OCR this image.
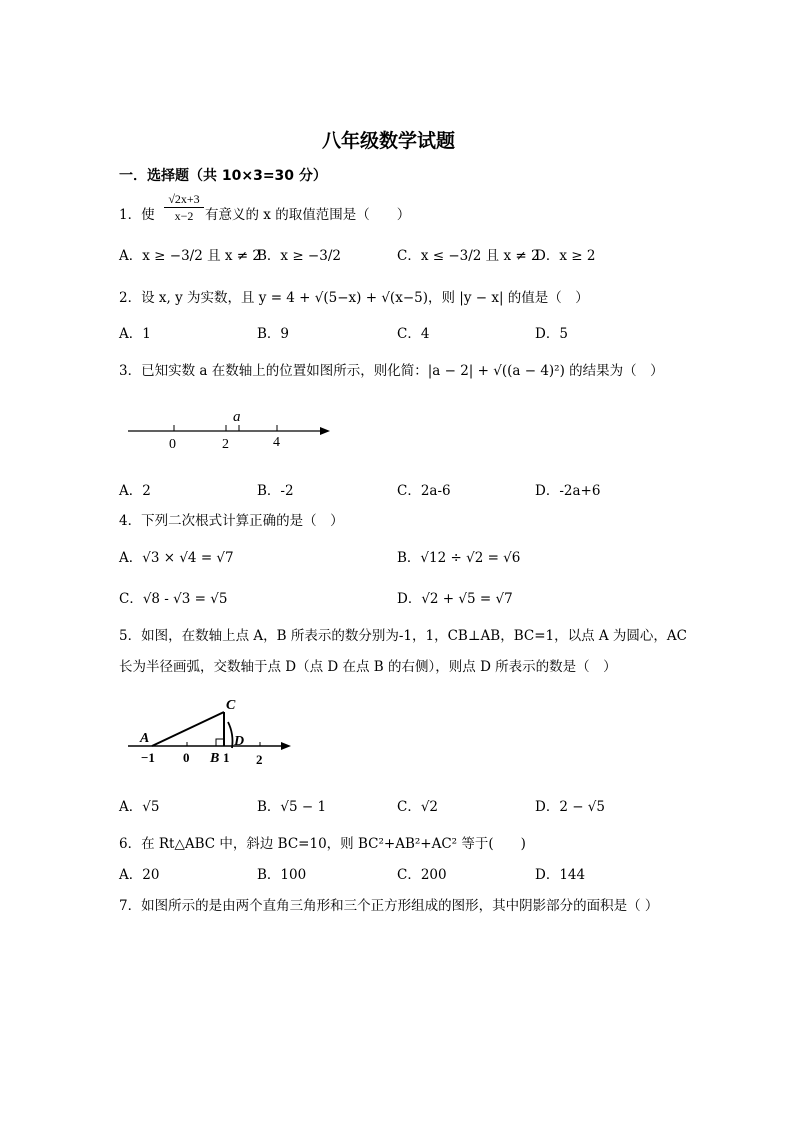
八年级数学试题
一．选择题（共 10×3=30 分）
1．使 $\frac{√2x+3}{x-2}$ 有意义的 x 的取值范围是（　　）
A．x ≥ −3/2 且 x ≠ 2
B．x ≥ −3/2	C．x ≤ −3/2 且 x ≠ 2
D．x ≥ 2
2．设 x, y 为实数，且 y = 4 + √(5−x) + √(x−5)，则 |y − x| 的值是（　）
A．1	B．9	C．4	D．5
3．已知实数 a 在数轴上的位置如图所示，则化简：|a − 2| + √((a − 4)²) 的结果为（　）
a
0	2	4
A．2	B．-2	C．2a-6	D．-2a+6
4．下列二次根式计算正确的是（　）
A．√3 × √4 = √7	B．√12 ÷ √2 = √6
C．√8 - √3 = √5	D．√2 + √5 = √7
5．如图，在数轴上点 A，B 所表示的数分别为-1，1，CB⊥AB，BC=1，以点 A 为圆心，AC
长为半径画弧，交数轴于点 D（点 D 在点 B 的右侧），则点 D 所表示的数是（　）
C
A	D
B
−1 0	1 2
A．√5	B．√5 − 1	C．√2	D．2 − √5
6．在 Rt△ABC 中，斜边 BC=10，则 BC²+AB²+AC² 等于(　　)
A．20	B．100	C．200	D．144
7．如图所示的是由两个直角三角形和三个正方形组成的图形，其中阴影部分的面积是（ ）
